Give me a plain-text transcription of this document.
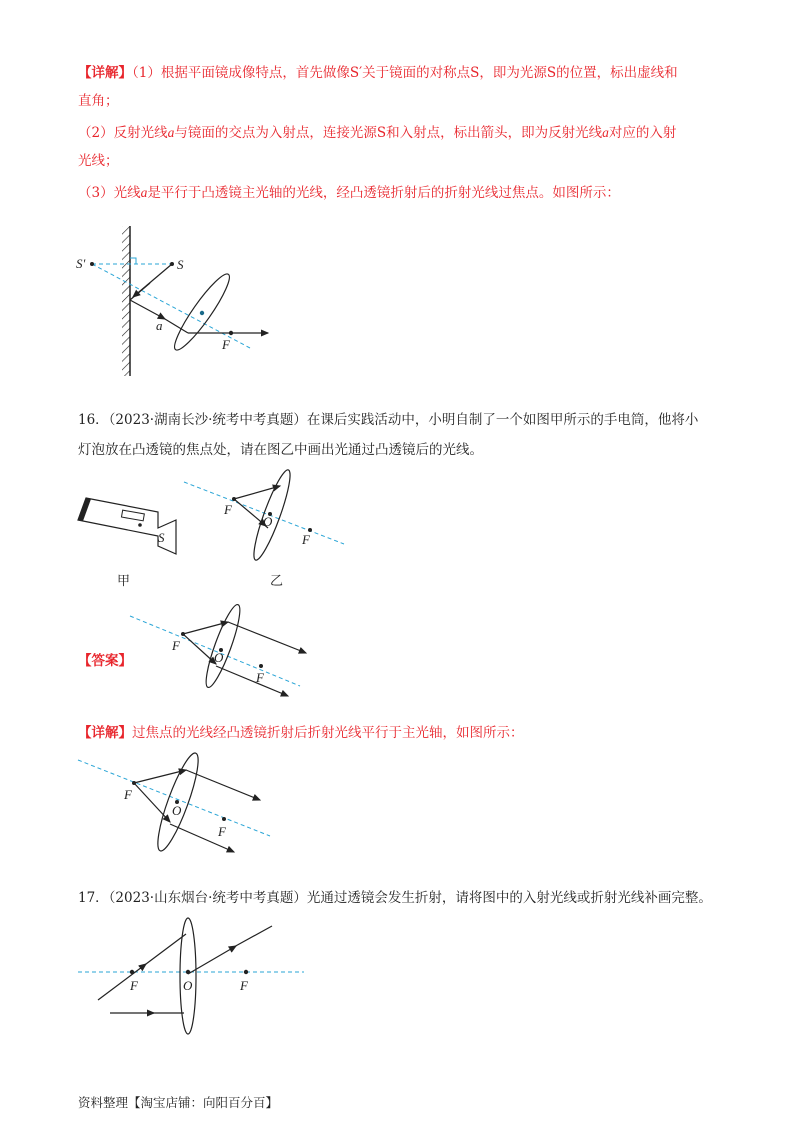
【详解】（1）根据平面镜成像特点，首先做像S′关于镜面的对称点S，即为光源S的位置，标出虚线和
直角；
（2）反射光线a与镜面的交点为入射点，连接光源S和入射点，标出箭头，即为反射光线a对应的入射
光线；
（3）光线a是平行于凸透镜主光轴的光线，经凸透镜折射后的折射光线过焦点。如图所示：
S′	S
a
F
16．（2023·湖南长沙·统考中考真题）在课后实践活动中，小明自制了一个如图甲所示的手电筒，他将小
灯泡放在凸透镜的焦点处，请在图乙中画出光通过凸透镜后的光线。
S
甲
F
O
F
乙
【答案】
F
O
F
【详解】过焦点的光线经凸透镜折射后折射光线平行于主光轴，如图所示：
F
O
F
17．（2023·山东烟台·统考中考真题）光通过透镜会发生折射，请将图中的入射光线或折射光线补画完整。
F	O	F
资料整理【淘宝店铺：向阳百分百】
